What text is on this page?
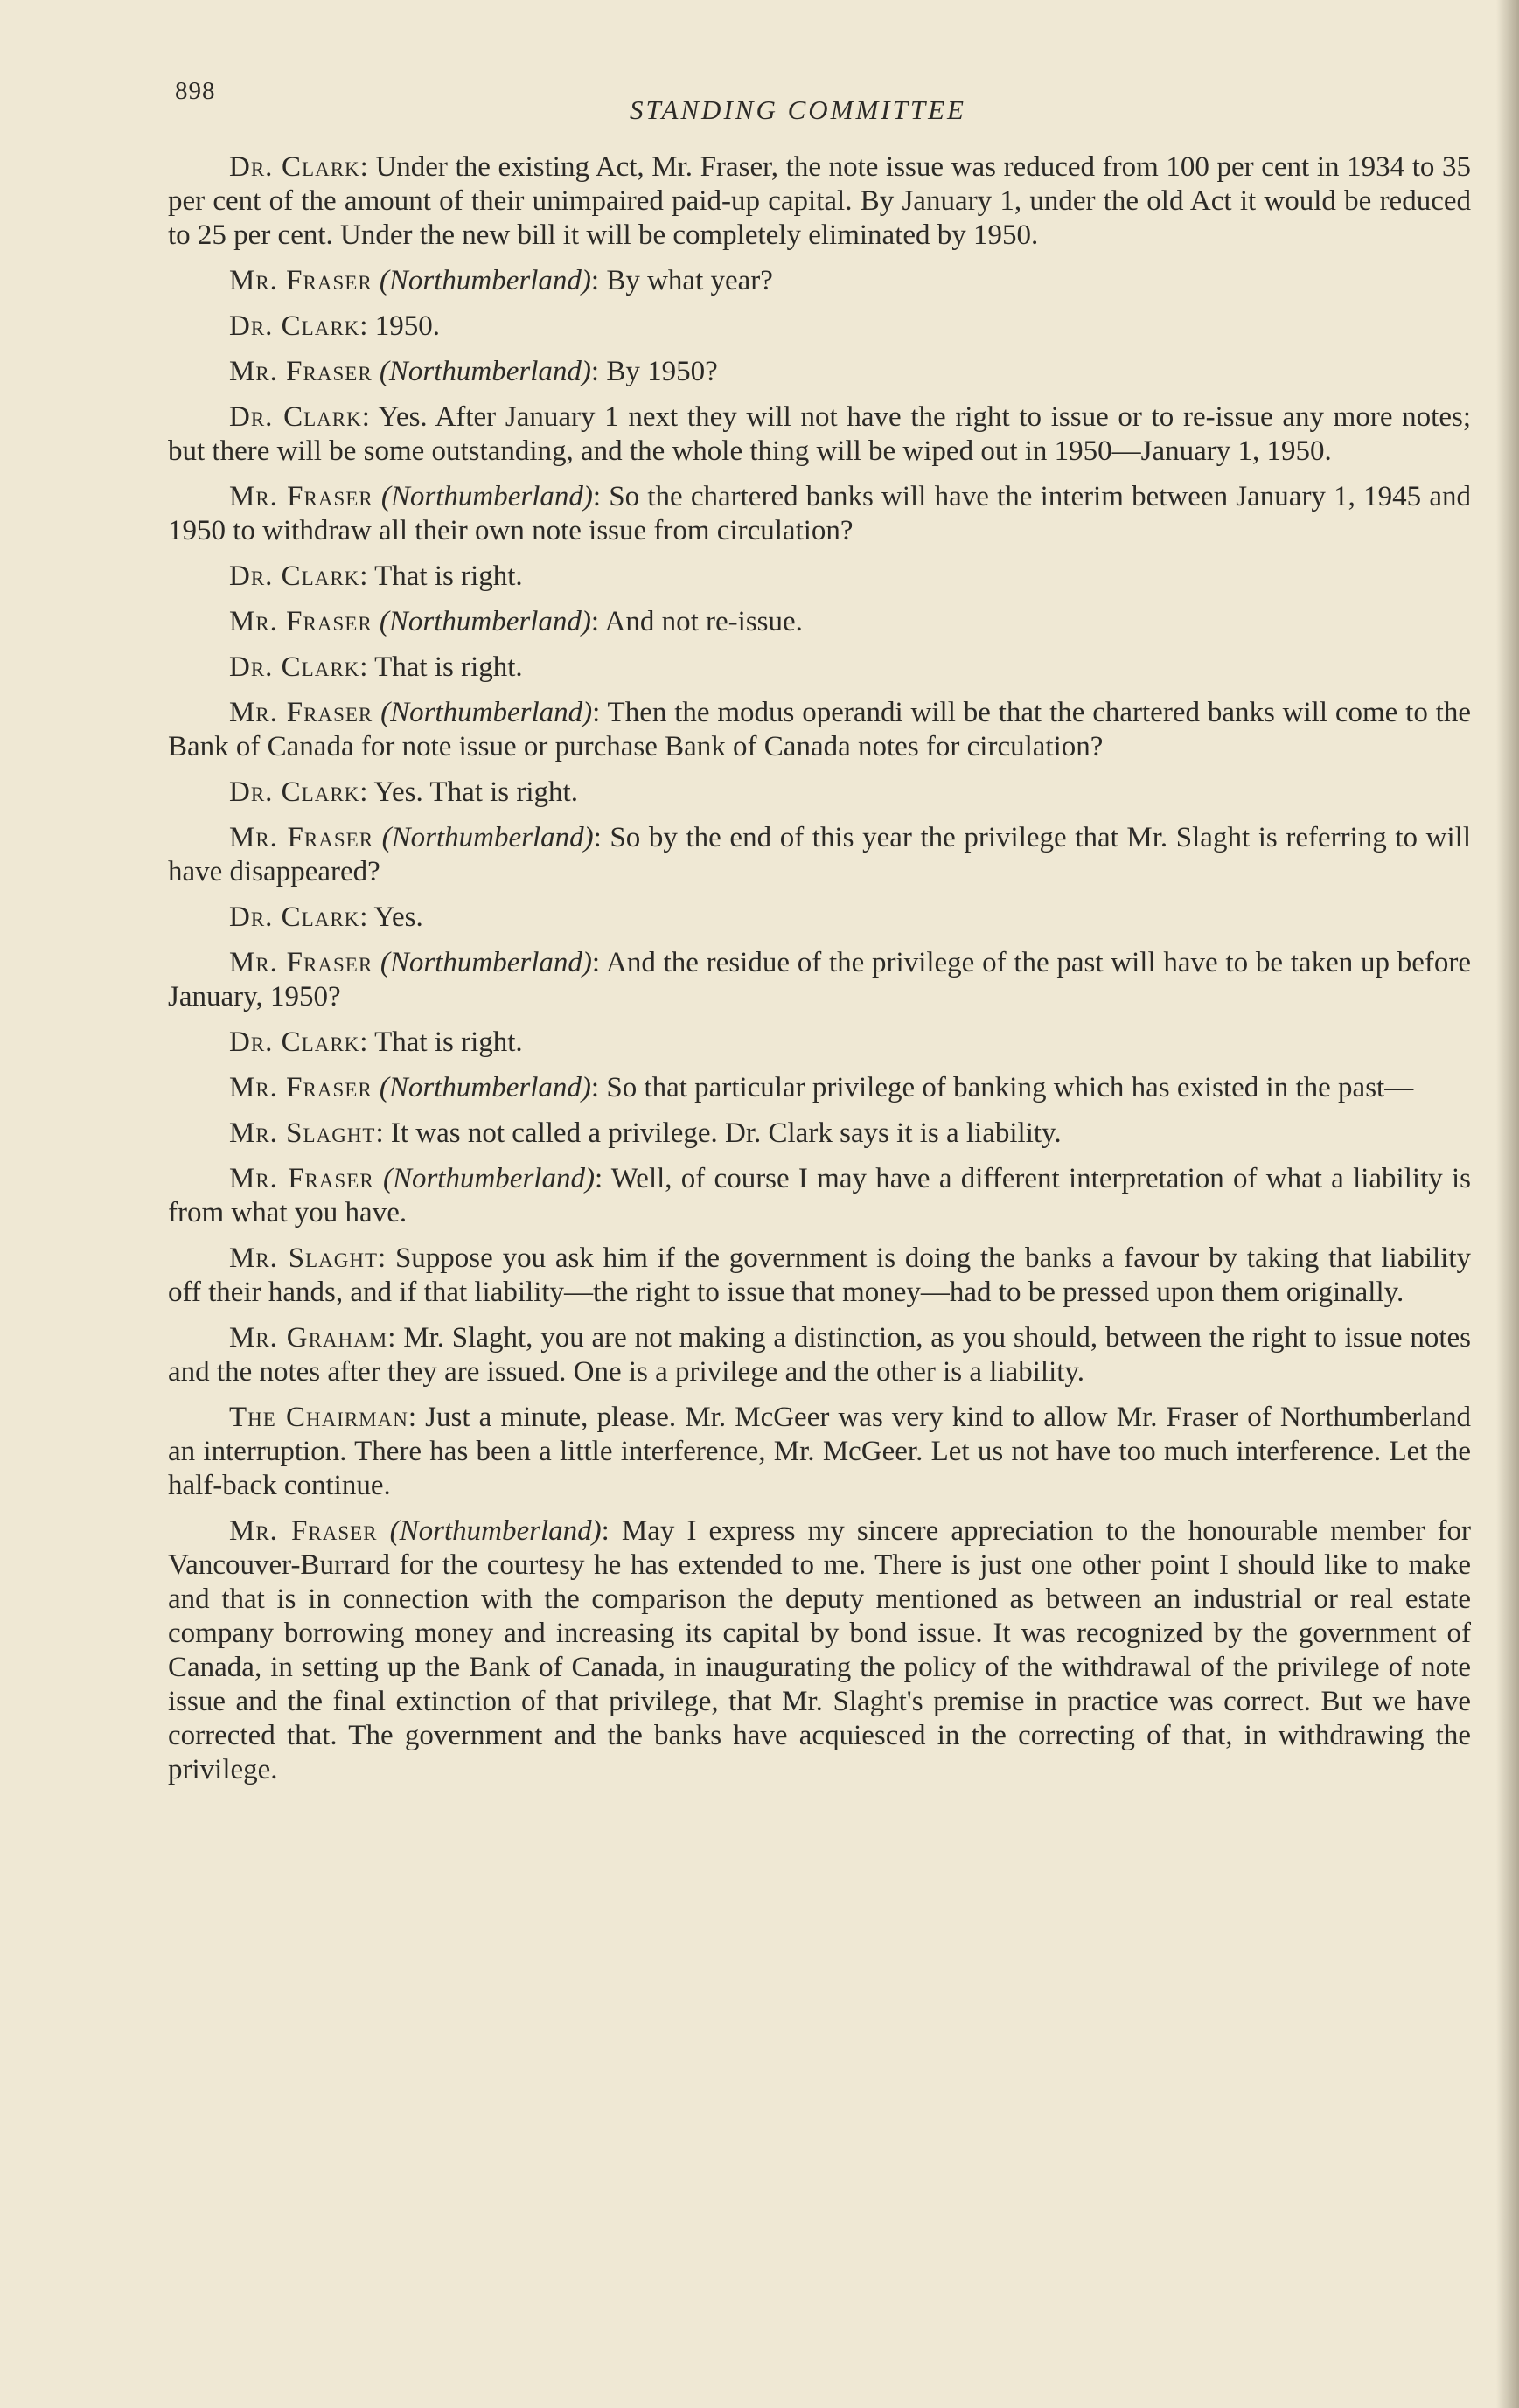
898
STANDING COMMITTEE

Dr. Clark: Under the existing Act, Mr. Fraser, the note issue was reduced from 100 per cent in 1934 to 35 per cent of the amount of their unimpaired paid-up capital. By January 1, under the old Act it would be reduced to 25 per cent. Under the new bill it will be completely eliminated by 1950.

Mr. Fraser (Northumberland): By what year?

Dr. Clark: 1950.

Mr. Fraser (Northumberland): By 1950?

Dr. Clark: Yes. After January 1 next they will not have the right to issue or to re-issue any more notes; but there will be some outstanding, and the whole thing will be wiped out in 1950—January 1, 1950.

Mr. Fraser (Northumberland): So the chartered banks will have the interim between January 1, 1945 and 1950 to withdraw all their own note issue from circulation?

Dr. Clark: That is right.

Mr. Fraser (Northumberland): And not re-issue.

Dr. Clark: That is right.

Mr. Fraser (Northumberland): Then the modus operandi will be that the chartered banks will come to the Bank of Canada for note issue or purchase Bank of Canada notes for circulation?

Dr. Clark: Yes. That is right.

Mr. Fraser (Northumberland): So by the end of this year the privilege that Mr. Slaght is referring to will have disappeared?

Dr. Clark: Yes.

Mr. Fraser (Northumberland): And the residue of the privilege of the past will have to be taken up before January, 1950?

Dr. Clark: That is right.

Mr. Fraser (Northumberland): So that particular privilege of banking which has existed in the past—

Mr. Slaght: It was not called a privilege. Dr. Clark says it is a liability.

Mr. Fraser (Northumberland): Well, of course I may have a different interpretation of what a liability is from what you have.

Mr. Slaght: Suppose you ask him if the government is doing the banks a favour by taking that liability off their hands, and if that liability—the right to issue that money—had to be pressed upon them originally.

Mr. Graham: Mr. Slaght, you are not making a distinction, as you should, between the right to issue notes and the notes after they are issued. One is a privilege and the other is a liability.

The Chairman: Just a minute, please. Mr. McGeer was very kind to allow Mr. Fraser of Northumberland an interruption. There has been a little interference, Mr. McGeer. Let us not have too much interference. Let the half-back continue.

Mr. Fraser (Northumberland): May I express my sincere appreciation to the honourable member for Vancouver-Burrard for the courtesy he has extended to me. There is just one other point I should like to make and that is in connection with the comparison the deputy mentioned as between an industrial or real estate company borrowing money and increasing its capital by bond issue. It was recognized by the government of Canada, in setting up the Bank of Canada, in inaugurating the policy of the withdrawal of the privilege of note issue and the final extinction of that privilege, that Mr. Slaght's premise in practice was correct. But we have corrected that. The government and the banks have acquiesced in the correcting of that, in withdrawing the privilege.
